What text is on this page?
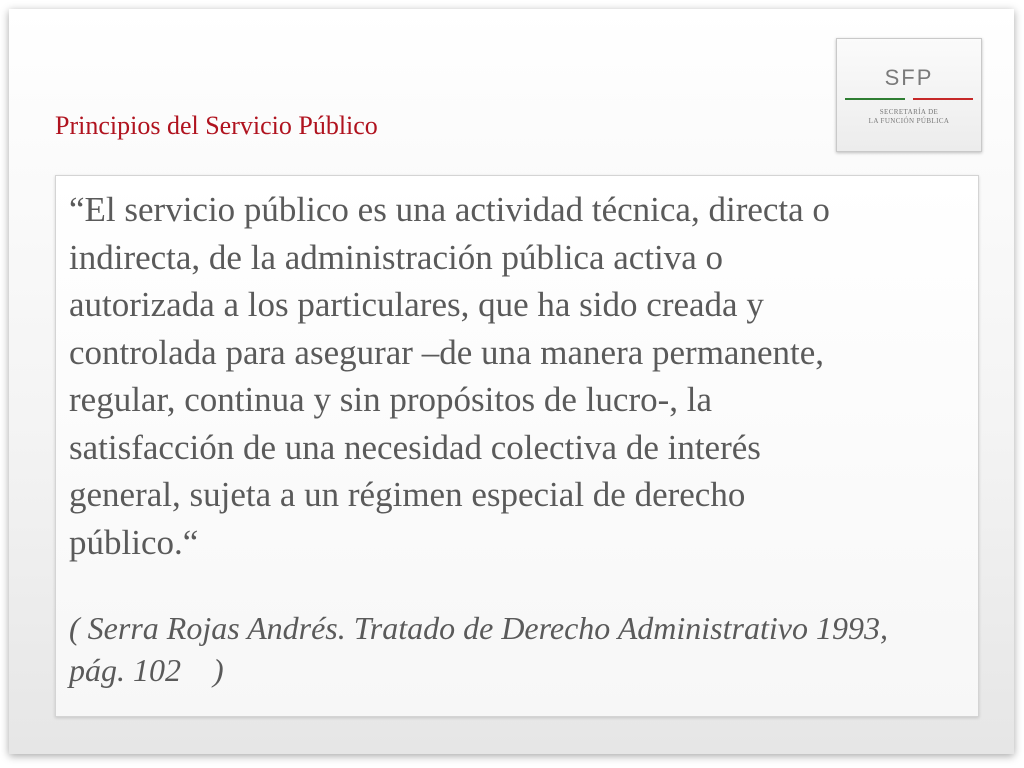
Principios del Servicio Público
SFP
SECRETARÍA DE
LA FUNCIÓN PÚBLICA

“El servicio público es una actividad técnica, directa o
indirecta, de la administración pública activa o
autorizada a los particulares, que ha sido creada y
controlada para asegurar –de una manera permanente,
regular, continua y sin propósitos de lucro-, la
satisfacción de una necesidad colectiva de interés
general, sujeta a un régimen especial de derecho
público.“

( Serra Rojas Andrés. Tratado de Derecho Administrativo 1993,
pág. 102    )
